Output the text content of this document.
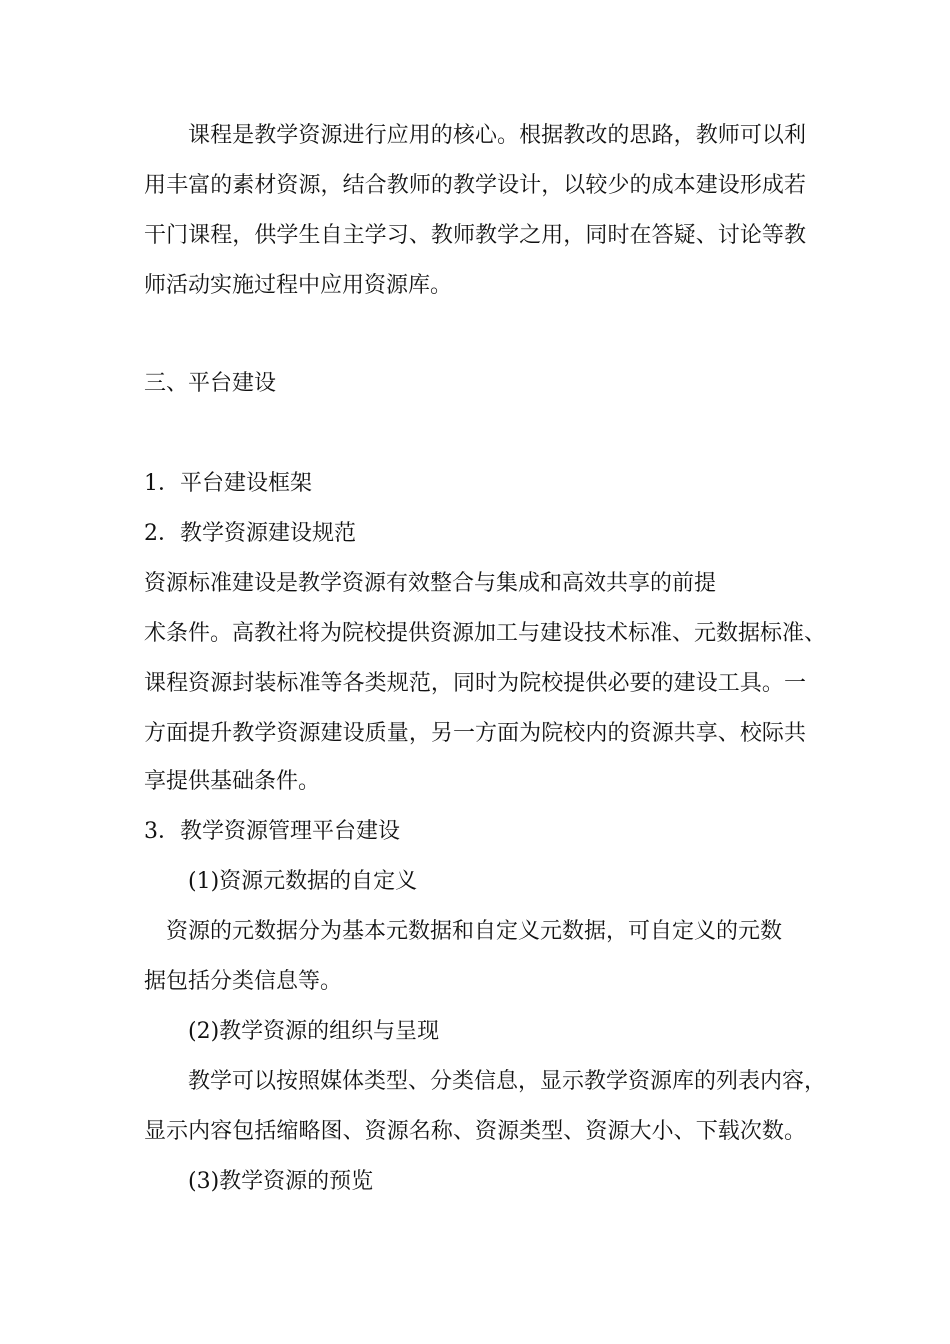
课程是教学资源进行应用的核心。根据教改的思路，教师可以利
用丰富的素材资源，结合教师的教学设计，以较少的成本建设形成若
干门课程，供学生自主学习、教师教学之用，同时在答疑、讨论等教
师活动实施过程中应用资源库。
三、平台建设
1．平台建设框架
2．教学资源建设规范
资源标准建设是教学资源有效整合与集成和高效共享的前提
术条件。高教社将为院校提供资源加工与建设技术标准、元数据标准、
课程资源封装标准等各类规范，同时为院校提供必要的建设工具。一
方面提升教学资源建设质量，另一方面为院校内的资源共享、校际共
享提供基础条件。
3．教学资源管理平台建设
(1)资源元数据的自定义
资源的元数据分为基本元数据和自定义元数据，可自定义的元数
据包括分类信息等。
(2)教学资源的组织与呈现
教学可以按照媒体类型、分类信息，显示教学资源库的列表内容，
显示内容包括缩略图、资源名称、资源类型、资源大小、下载次数。
(3)教学资源的预览
